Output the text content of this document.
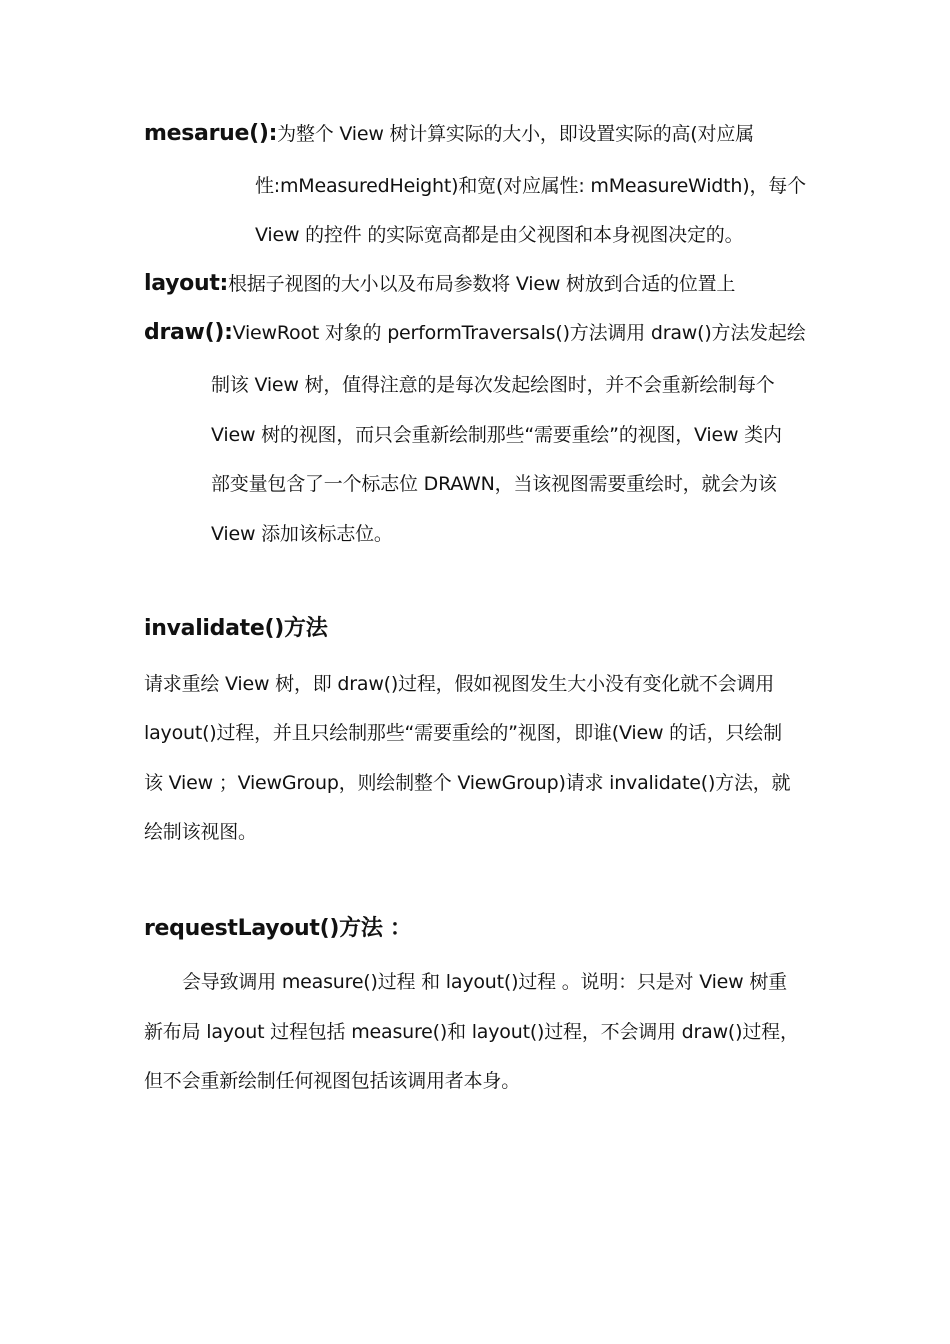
mesarue():为整个 View 树计算实际的大小，即设置实际的高(对应属
性:mMeasuredHeight)和宽(对应属性: mMeasureWidth)，每个
View 的控件 的实际宽高都是由父视图和本身视图决定的。
layout:根据子视图的大小以及布局参数将 View 树放到合适的位置上
draw():ViewRoot 对象的 performTraversals()方法调用 draw()方法发起绘
制该 View 树，值得注意的是每次发起绘图时，并不会重新绘制每个
View 树的视图，而只会重新绘制那些“需要重绘”的视图，View 类内
部变量包含了一个标志位 DRAWN，当该视图需要重绘时，就会为该
View 添加该标志位。
invalidate()方法
请求重绘 View 树，即 draw()过程，假如视图发生大小没有变化就不会调用
layout()过程，并且只绘制那些“需要重绘的”视图，即谁(View 的话，只绘制
该 View ；ViewGroup，则绘制整个 ViewGroup)请求 invalidate()方法，就
绘制该视图。
requestLayout()方法 ：
会导致调用 measure()过程 和 layout()过程 。说明：只是对 View 树重
新布局 layout 过程包括 measure()和 layout()过程，不会调用 draw()过程，
但不会重新绘制任何视图包括该调用者本身。
